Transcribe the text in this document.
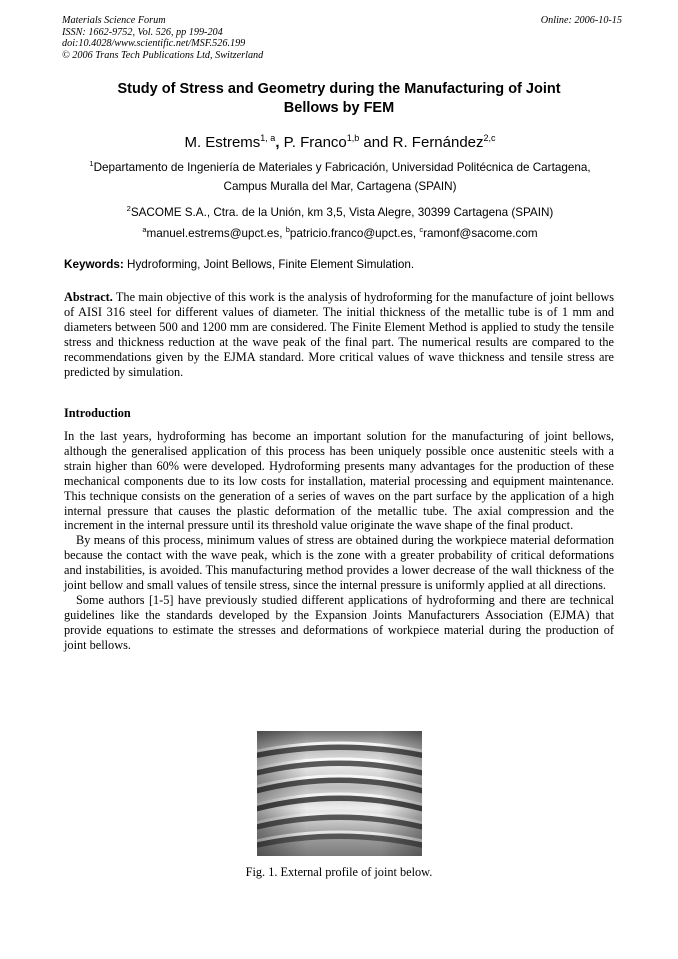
Materials Science Forum
ISSN: 1662-9752, Vol. 526, pp 199-204
doi:10.4028/www.scientific.net/MSF.526.199
© 2006 Trans Tech Publications Ltd, Switzerland
Online: 2006-10-15
Study of Stress and Geometry during the Manufacturing of Joint
Bellows by FEM
M. Estrems$^{1, a}$, P. Franco$^{1,b}$ and R. Fernández$^{2,c}$
$^1$Departamento de Ingeniería de Materiales y Fabricación, Universidad Politécnica de Cartagena,
Campus Muralla del Mar, Cartagena (SPAIN)
$^2$SACOME S.A., Ctra. de la Unión, km 3,5, Vista Alegre, 30399 Cartagena (SPAIN)
$^a$manuel.estrems@upct.es, $^b$patricio.franco@upct.es, $^c$ramonf@sacome.com
Keywords: Hydroforming, Joint Bellows, Finite Element Simulation.

Abstract. The main objective of this work is the analysis of hydroforming for the manufacture of joint bellows of AISI 316 steel for different values of diameter. The initial thickness of the metallic tube is of 1 mm and diameters between 500 and 1200 mm are considered. The Finite Element Method is applied to study the tensile stress and thickness reduction at the wave peak of the final part. The numerical results are compared to the recommendations given by the EJMA standard. More critical values of wave thickness and tensile stress are predicted by simulation.

Introduction

In the last years, hydroforming has become an important solution for the manufacturing of joint bellows, although the generalised application of this process has been uniquely possible once austenitic steels with a strain higher than 60% were developed. Hydroforming presents many advantages for the production of these mechanical components due to its low costs for installation, material processing and equipment maintenance. This technique consists on the generation of a series of waves on the part surface by the application of a high internal pressure that causes the plastic deformation of the metallic tube. The axial compression and the increment in the internal pressure until its threshold value originate the wave shape of the final product.

By means of this process, minimum values of stress are obtained during the workpiece material deformation because the contact with the wave peak, which is the zone with a greater probability of critical deformations and instabilities, is avoided. This manufacturing method provides a lower decrease of the wall thickness of the joint bellow and small values of tensile stress, since the internal pressure is uniformly applied at all directions.

Some authors [1-5] have previously studied different applications of hydroforming and there are technical guidelines like the standards developed by the Expansion Joints Manufacturers Association (EJMA) that provide equations to estimate the stresses and deformations of workpiece material during the production of joint bellows.

Fig. 1. External profile of joint below.
